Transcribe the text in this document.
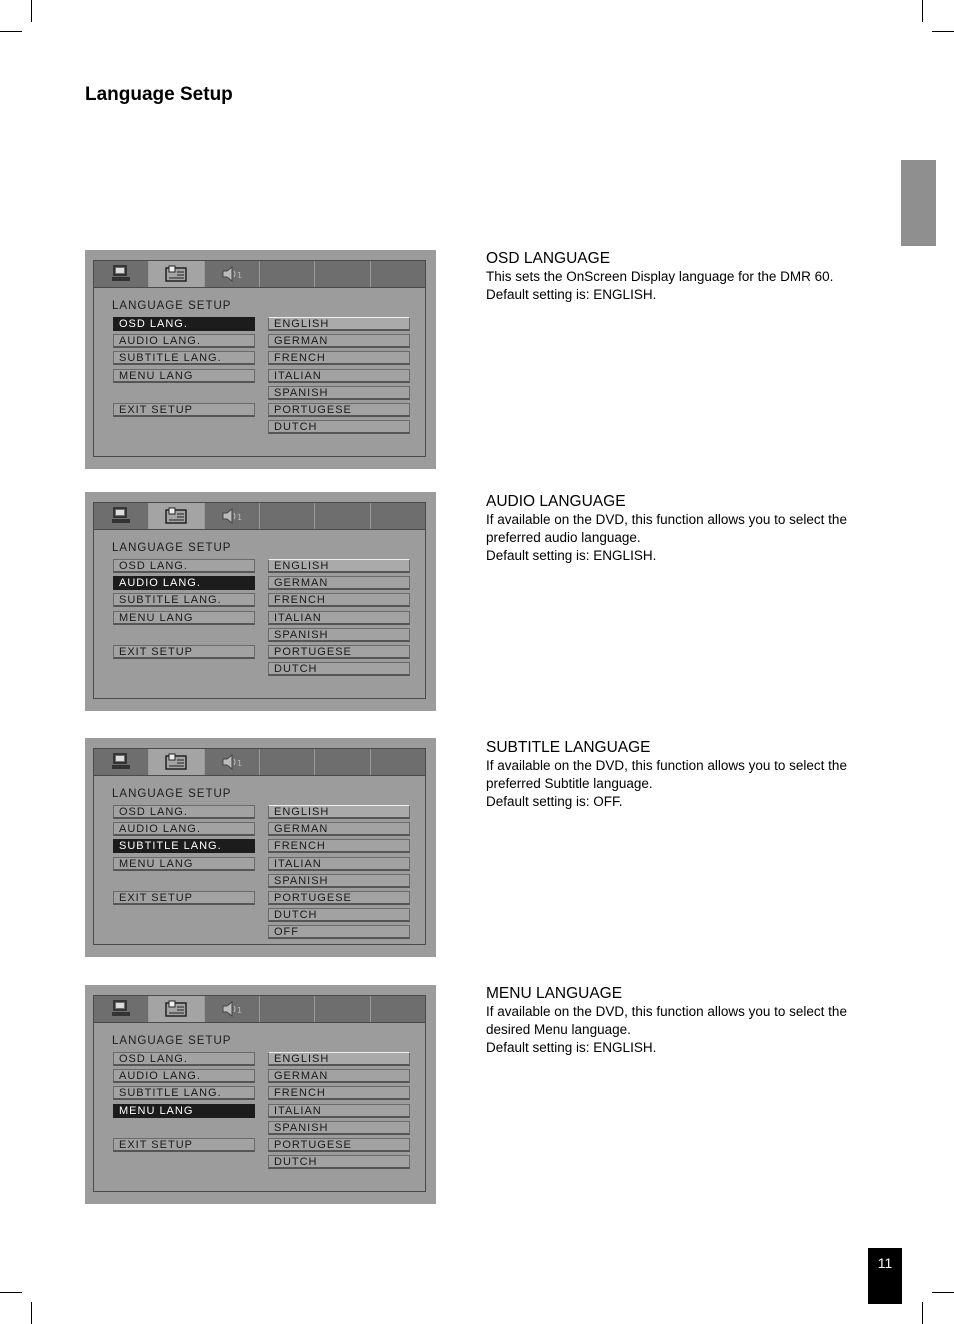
Language Setup
11
1
LANGUAGE SETUP
OSD LANG.
AUDIO LANG.
SUBTITLE LANG.
MENU LANG
EXIT SETUP
ENGLISH
GERMAN
FRENCH
ITALIAN
SPANISH
PORTUGESE
DUTCH
1
LANGUAGE SETUP
OSD LANG.
AUDIO LANG.
SUBTITLE LANG.
MENU LANG
EXIT SETUP
ENGLISH
GERMAN
FRENCH
ITALIAN
SPANISH
PORTUGESE
DUTCH
1
LANGUAGE SETUP
OSD LANG.
AUDIO LANG.
SUBTITLE LANG.
MENU LANG
EXIT SETUP
ENGLISH
GERMAN
FRENCH
ITALIAN
SPANISH
PORTUGESE
DUTCH
OFF
1
LANGUAGE SETUP
OSD LANG.
AUDIO LANG.
SUBTITLE LANG.
MENU LANG
EXIT SETUP
ENGLISH
GERMAN
FRENCH
ITALIAN
SPANISH
PORTUGESE
DUTCH
OSD LANGUAGE

This sets the OnScreen Display language for the DMR 60.

Default setting is: ENGLISH.

AUDIO LANGUAGE

If available on the DVD, this function allows you to select the

preferred audio language.

Default setting is: ENGLISH.

SUBTITLE LANGUAGE

If available on the DVD, this function allows you to select the

preferred Subtitle language.

Default setting is: OFF.

MENU LANGUAGE

If available on the DVD, this function allows you to select the

desired Menu language.

Default setting is: ENGLISH.
